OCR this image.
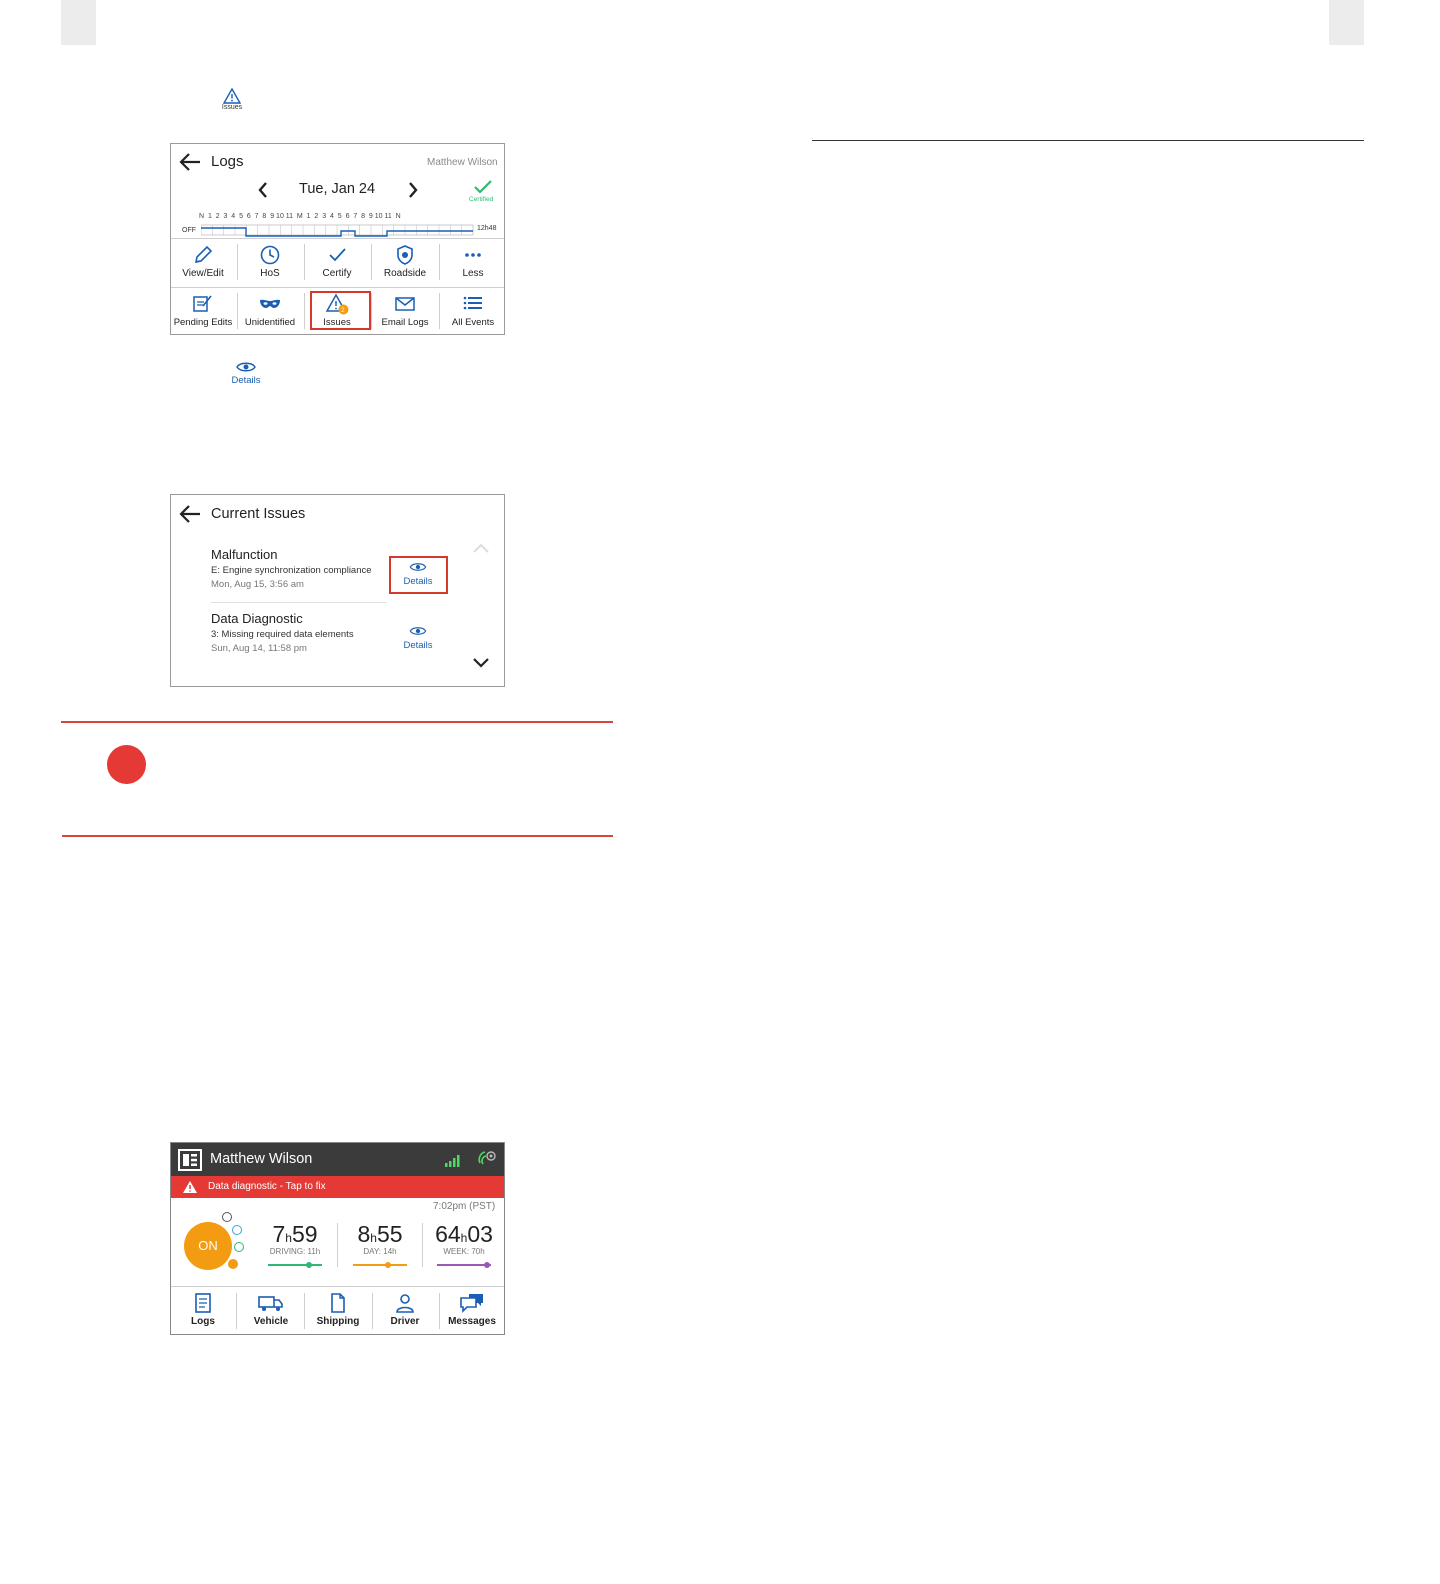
Issues
Logs	Matthew Wilson
Tue, Jan 24
Certified
N  1  2  3  4  5  6  7  8  9 10 11  M  1  2  3  4  5  6  7  8  9 10 11  N
OFF	12h48
View/Edit	HoS	Certify	Roadside	Less
Pending Edits	Unidentified
2
Issues	Email Logs	All Events
Details
Current Issues
Malfunction
E: Engine synchronization compliance
Mon, Aug 15, 3:56 am	Details
Data Diagnostic
3: Missing required data elements
Sun, Aug 14, 11:58 pm	Details
Matthew Wilson
Data diagnostic - Tap to fix
7:02pm (PST)
ON	7h59
DRIVING: 11h
8h55
DAY: 14h
64h03
WEEK: 70h
Logs	Vehicle	Shipping	Driver	Messages
